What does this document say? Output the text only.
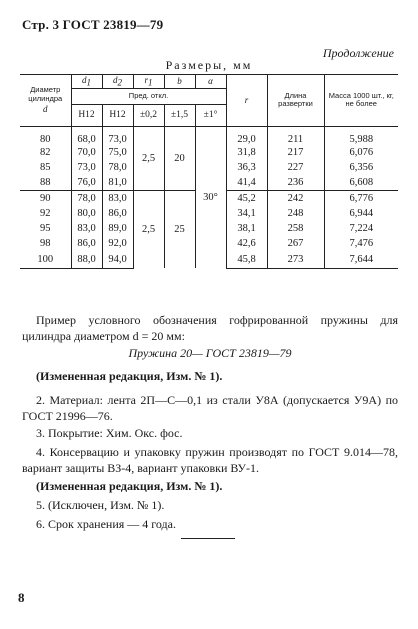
Стр. 3 ГОСТ 23819—79
Продолжение
Размеры, мм
Диаметр цилиндра
d	$d_1$	$d_2$	$r_1$	b	α	r	Длина развертки	Масса 1000 шт., кг, не более
	Пред. откл.							
	H12	H12	±0,2	±1,5	±1°			
80	68,0	73,0	2,5	20	30°	29,0	211	5,988
82	70,0	75,0				31,8	217	6,076
85	73,0	78,0				36,3	227	6,356
88	76,0	81,0				41,4	236	6,608
90	78,0	83,0	2,5	25		45,2	242	6,776
92	80,0	86,0				34,1	248	6,944
95	83,0	89,0				38,1	258	7,224
98	86,0	92,0				42,6	267	7,476
100	88,0	94,0				45,8	273	7,644
Пример условного обозначения гофрированной пружины для цилиндра диаметром d = 20 мм:
Пружина 20— ГОСТ 23819—79
(Измененная редакция, Изм. № 1).
2. Материал: лента 2П—С—0,1 из стали У8А (допускается У9А) по ГОСТ 21996—76.
3. Покрытие: Хим. Окс. фос.
4. Консервацию и упаковку пружин производят по ГОСТ 9.014—78, вариант защиты ВЗ-4, вариант упаковки ВУ-1.
(Измененная редакция, Изм. № 1).
5. (Исключен, Изм. № 1).
6. Срок хранения — 4 года.
8
